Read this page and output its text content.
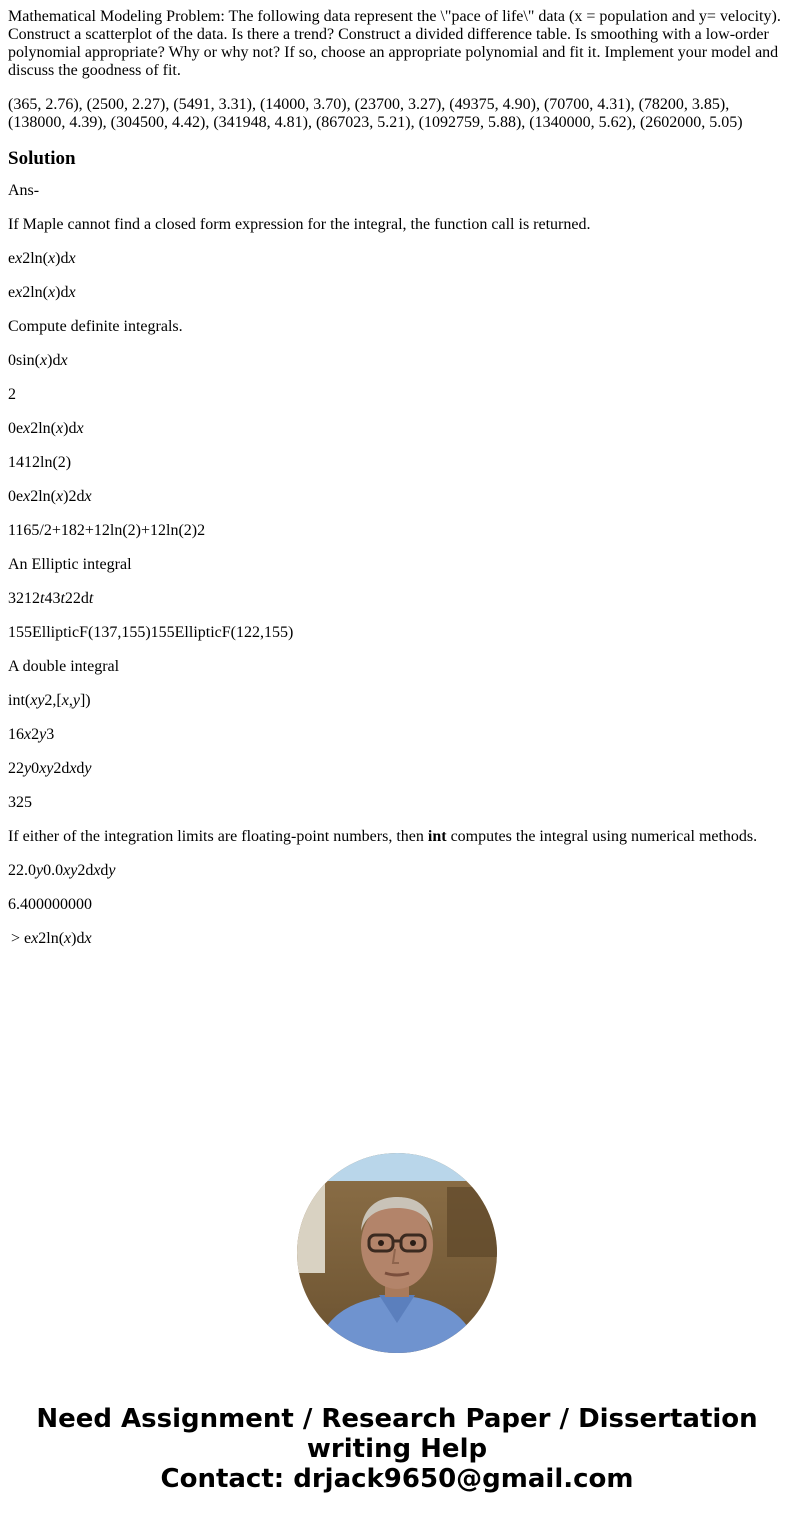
Mathematical Modeling Problem: The following data represent the \"pace of life\" data (x = population and y= velocity). Construct a scatterplot of the data. Is there a trend? Construct a divided difference table. Is smoothing with a low-order polynomial appropriate? Why or why not? If so, choose an appropriate polynomial and fit it. Implement your model and discuss the goodness of fit.

(365, 2.76), (2500, 2.27), (5491, 3.31), (14000, 3.70), (23700, 3.27), (49375, 4.90), (70700, 4.31), (78200, 3.85), (138000, 4.39), (304500, 4.42), (341948, 4.81), (867023, 5.21), (1092759, 5.88), (1340000, 5.62), (2602000, 5.05)

Solution

Ans-

If Maple cannot find a closed form expression for the integral, the function call is returned.

ex2ln(x)dx

ex2ln(x)dx

Compute definite integrals.

0sin(x)dx

2

0ex2ln(x)dx

1412ln(2)

0ex2ln(x)2dx

1165/2+182+12ln(2)+12ln(2)2

An Elliptic integral

3212t43t22dt

155EllipticF(137,155)155EllipticF(122,155)

A double integral

int(xy2,[x,y])

16x2y3

22y0xy2dxdy

325

If either of the integration limits are floating-point numbers, then int computes the integral using numerical methods.

22.0y0.0xy2dxdy

6.400000000

> ex2ln(x)dx

Need Assignment / Research Paper / Dissertation
writing Help
Contact: drjack9650@gmail.com
